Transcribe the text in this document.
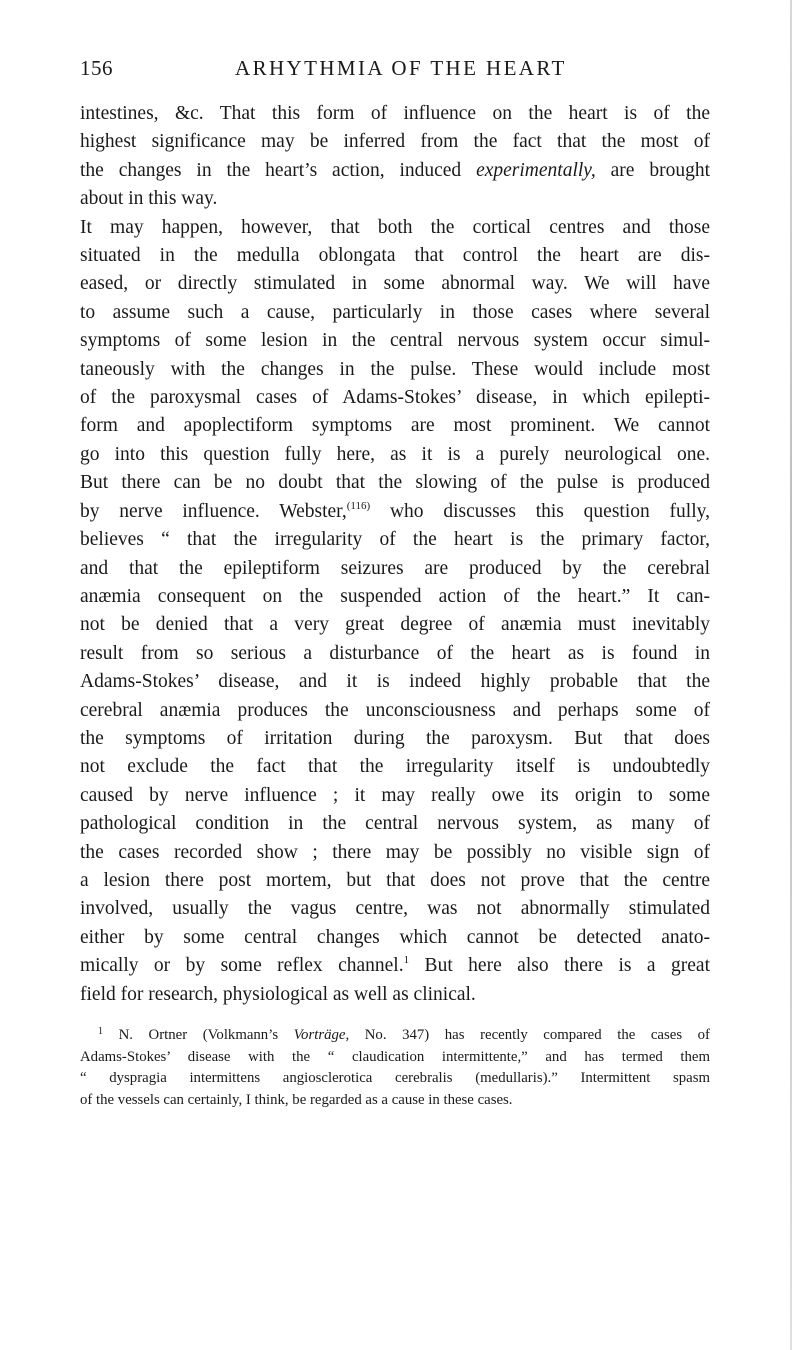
156	ARHYTHMIA OF THE HEART
intestines, &c. That this form of influence on the heart is of the
highest significance may be inferred from the fact that the most of
the changes in the heart’s action, induced experimentally, are brought
about in this way.
It may happen, however, that both the cortical centres and those
situated in the medulla oblongata that control the heart are dis-
eased, or directly stimulated in some abnormal way. We will have
to assume such a cause, particularly in those cases where several
symptoms of some lesion in the central nervous system occur simul-
taneously with the changes in the pulse. These would include most
of the paroxysmal cases of Adams-Stokes’ disease, in which epilepti-
form and apoplectiform symptoms are most prominent. We cannot
go into this question fully here, as it is a purely neurological one.
But there can be no doubt that the slowing of the pulse is produced
by nerve influence. Webster,$^{(116)}$ who discusses this question fully,
believes “ that the irregularity of the heart is the primary factor,
and that the epileptiform seizures are produced by the cerebral
anæmia consequent on the suspended action of the heart.” It can-
not be denied that a very great degree of anæmia must inevitably
result from so serious a disturbance of the heart as is found in
Adams-Stokes’ disease, and it is indeed highly probable that the
cerebral anæmia produces the unconsciousness and perhaps some of
the symptoms of irritation during the paroxysm. But that does
not exclude the fact that the irregularity itself is undoubtedly
caused by nerve influence ; it may really owe its origin to some
pathological condition in the central nervous system, as many of
the cases recorded show ; there may be possibly no visible sign of
a lesion there post mortem, but that does not prove that the centre
involved, usually the vagus centre, was not abnormally stimulated
either by some central changes which cannot be detected anato-
mically or by some reflex channel.$^1$ But here also there is a great
field for research, physiological as well as clinical.
$^1$ N. Ortner (Volkmann’s Vorträge, No. 347) has recently compared the cases of
Adams-Stokes’ disease with the “ claudication intermittente,” and has termed them
“ dyspragia intermittens angiosclerotica cerebralis (medullaris).” Intermittent spasm
of the vessels can certainly, I think, be regarded as a cause in these cases.
